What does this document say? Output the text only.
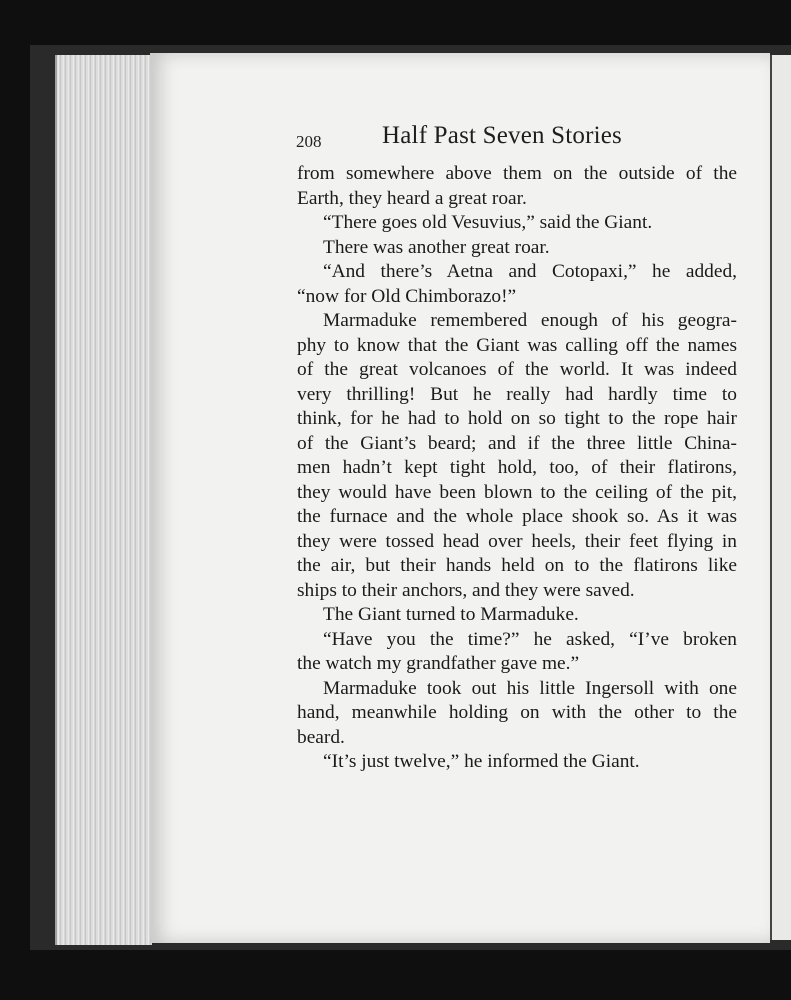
208 Half Past Seven Stories
from somewhere above them on the outside of the
Earth, they heard a great roar.
“There goes old Vesuvius,” said the Giant.
There was another great roar.
“And there’s Aetna and Cotopaxi,” he added,
“now for Old Chimborazo!”
Marmaduke remembered enough of his geogra-
phy to know that the Giant was calling off the names
of the great volcanoes of the world. It was indeed
very thrilling! But he really had hardly time to
think, for he had to hold on so tight to the rope hair
of the Giant’s beard; and if the three little China-
men hadn’t kept tight hold, too, of their flatirons,
they would have been blown to the ceiling of the pit,
the furnace and the whole place shook so. As it was
they were tossed head over heels, their feet flying in
the air, but their hands held on to the flatirons like
ships to their anchors, and they were saved.
The Giant turned to Marmaduke.
“Have you the time?” he asked, “I’ve broken
the watch my grandfather gave me.”
Marmaduke took out his little Ingersoll with one
hand, meanwhile holding on with the other to the
beard.
“It’s just twelve,” he informed the Giant.
